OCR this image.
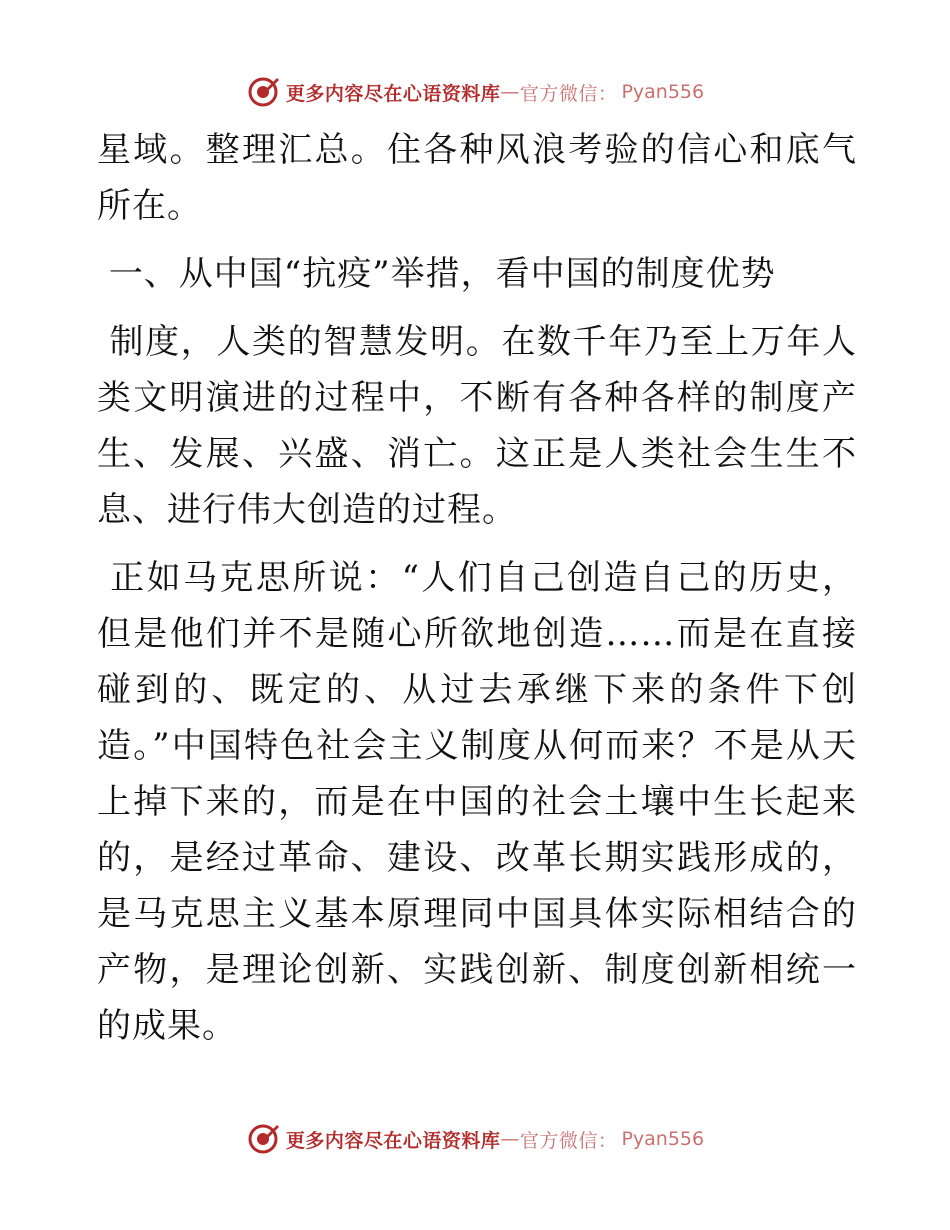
更多内容尽在心语资料库 — 官方微信： Pyan556

星域。整理汇总。住各种风浪考验的信心和底气所在。

一、从中国“抗疫”举措，看中国的制度优势

制度，人类的智慧发明。在数千年乃至上万年人类文明演进的过程中，不断有各种各样的制度产生、发展、兴盛、消亡。这正是人类社会生生不息、进行伟大创造的过程。

正如马克思所说：“人们自己创造自己的历史，但是他们并不是随心所欲地创造……而是在直接碰到的、既定的、从过去承继下来的条件下创造。”中国特色社会主义制度从何而来？不是从天上掉下来的，而是在中国的社会土壤中生长起来的，是经过革命、建设、改革长期实践形成的，是马克思主义基本原理同中国具体实际相结合的产物，是理论创新、实践创新、制度创新相统一的成果。

更多内容尽在心语资料库 — 官方微信： Pyan556
